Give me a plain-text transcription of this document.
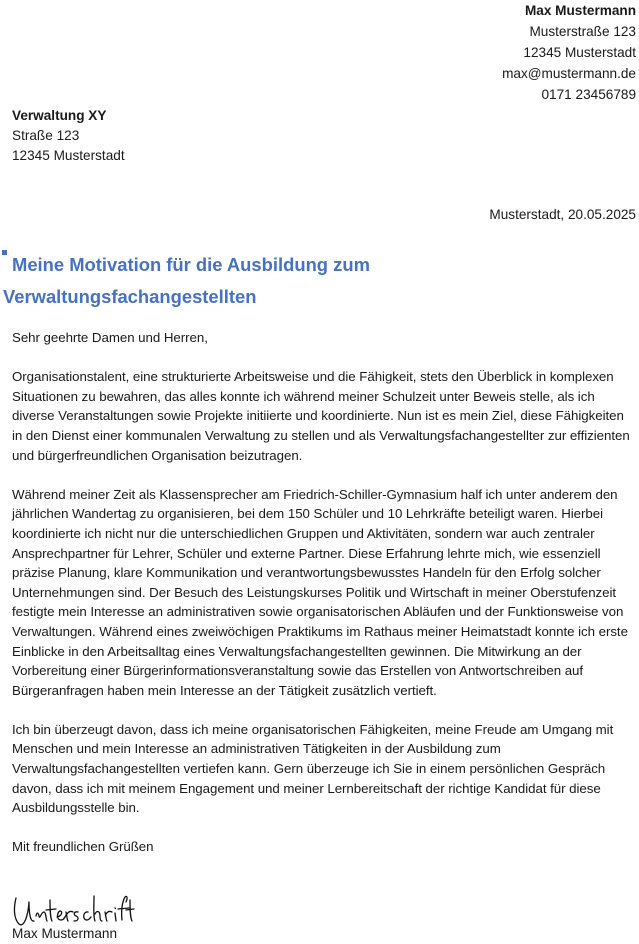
Max Mustermann
Musterstraße 123
12345 Musterstadt
max@mustermann.de
0171 23456789
Verwaltung XY
Straße 123
12345 Musterstadt
Musterstadt, 20.05.2025
Meine Motivation für die Ausbildung zum
Verwaltungsfachangestellten

Sehr geehrte Damen und Herren,

Organisationstalent, eine strukturierte Arbeitsweise und die Fähigkeit, stets den Überblick in komplexen Situationen zu bewahren, das alles konnte ich während meiner Schulzeit unter Beweis stelle, als ich diverse Veranstaltungen sowie Projekte initiierte und koordinierte. Nun ist es mein Ziel, diese Fähigkeiten in den Dienst einer kommunalen Verwaltung zu stellen und als Verwaltungsfachangestellter zur effizienten und bürgerfreundlichen Organisation beizutragen.

Während meiner Zeit als Klassensprecher am Friedrich-Schiller-Gymnasium half ich unter anderem den jährlichen Wandertag zu organisieren, bei dem 150 Schüler und 10 Lehrkräfte beteiligt waren. Hierbei koordinierte ich nicht nur die unterschiedlichen Gruppen und Aktivitäten, sondern war auch zentraler Ansprechpartner für Lehrer, Schüler und externe Partner. Diese Erfahrung lehrte mich, wie essenziell präzise Planung, klare Kommunikation und verantwortungsbewusstes Handeln für den Erfolg solcher Unternehmungen sind. Der Besuch des Leistungskurses Politik und Wirtschaft in meiner Oberstufenzeit festigte mein Interesse an administrativen sowie organisatorischen Abläufen und der Funktionsweise von Verwaltungen. Während eines zweiwöchigen Praktikums im Rathaus meiner Heimatstadt konnte ich erste Einblicke in den Arbeitsalltag eines Verwaltungsfachangestellten gewinnen. Die Mitwirkung an der Vorbereitung einer Bürgerinformationsveranstaltung sowie das Erstellen von Antwortschreiben auf Bürgeranfragen haben mein Interesse an der Tätigkeit zusätzlich vertieft.

Ich bin überzeugt davon, dass ich meine organisatorischen Fähigkeiten, meine Freude am Umgang mit Menschen und mein Interesse an administrativen Tätigkeiten in der Ausbildung zum Verwaltungsfachangestellten vertiefen kann. Gern überzeuge ich Sie in einem persönlichen Gespräch davon, dass ich mit meinem Engagement und meiner Lernbereitschaft der richtige Kandidat für diese Ausbildungsstelle bin.

Mit freundlichen Grüßen

Max Mustermann
